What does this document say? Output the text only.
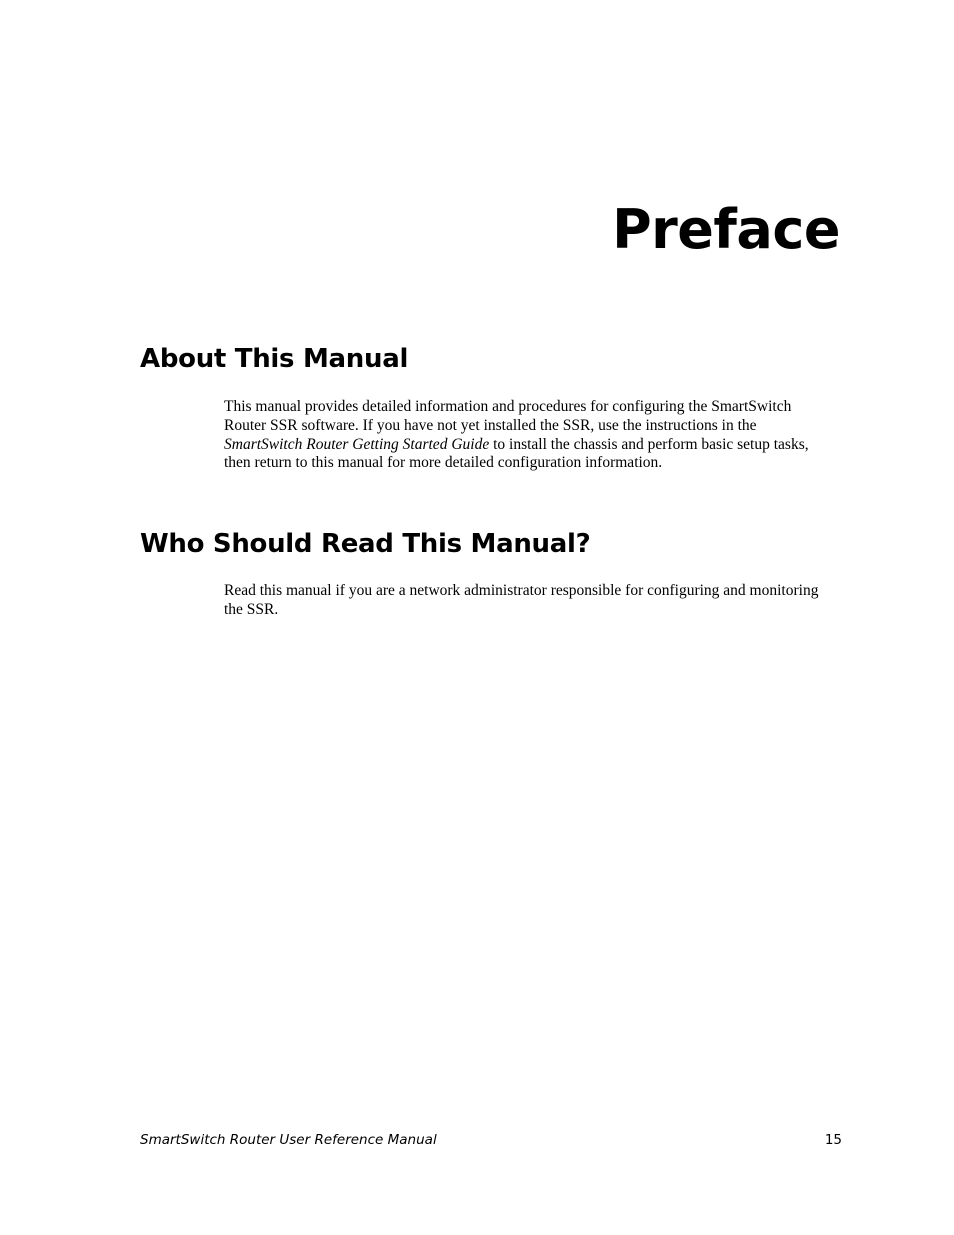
Preface
About This Manual

This manual provides detailed information and procedures for configuring the SmartSwitch Router SSR software. If you have not yet installed the SSR, use the instructions in the SmartSwitch Router Getting Started Guide to install the chassis and perform basic setup tasks, then return to this manual for more detailed configuration information.

Who Should Read This Manual?

Read this manual if you are a network administrator responsible for configuring and monitoring the SSR.

SmartSwitch Router User Reference Manual	15
